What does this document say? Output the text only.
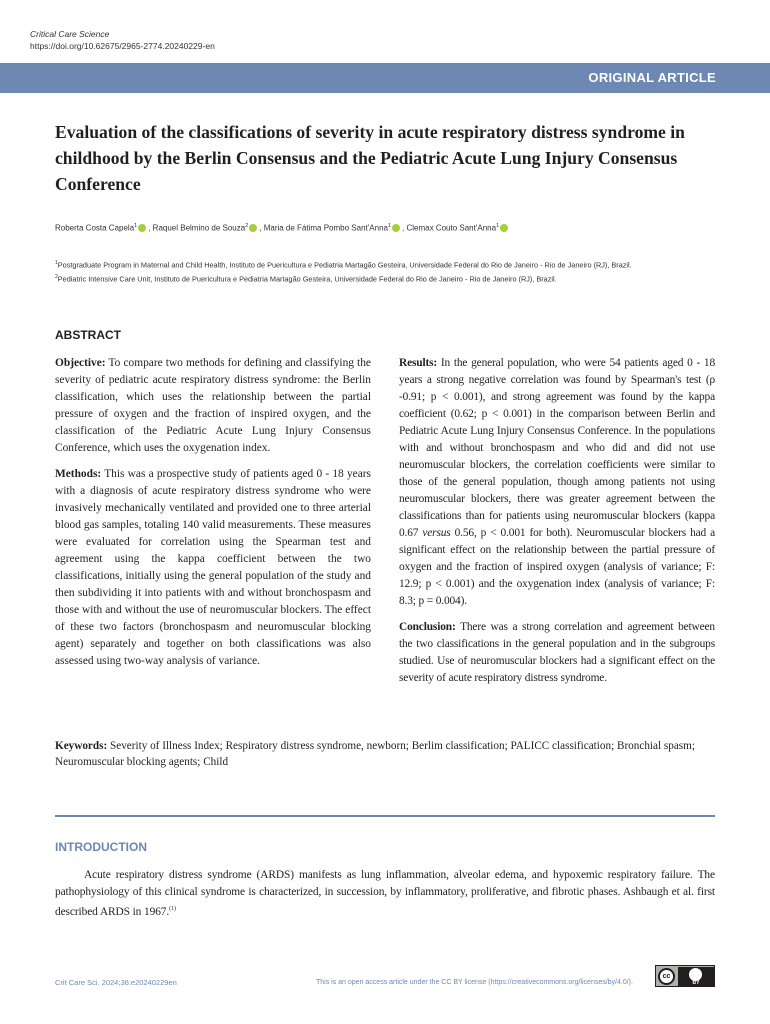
Critical Care Science
https://doi.org/10.62675/2965-2774.20240229-en
ORIGINAL ARTICLE
Evaluation of the classifications of severity in acute respiratory distress syndrome in childhood by the Berlin Consensus and the Pediatric Acute Lung Injury Consensus Conference
Roberta Costa Capela$^1$ , Raquel Belmino de Souza$^2$ , Maria de Fátima Pombo Sant'Anna$^1$ , Clemax Couto Sant'Anna$^1$
$^1$Postgraduate Program in Maternal and Child Health, Instituto de Puericultura e Pediatria Martagão Gesteira, Universidade Federal do Rio de Janeiro - Rio de Janeiro (RJ), Brazil.
$^2$Pediatric Intensive Care Unit, Instituto de Puericultura e Pediatria Martagão Gesteira, Universidade Federal do Rio de Janeiro - Rio de Janeiro (RJ), Brazil.
ABSTRACT

Objective: To compare two methods for defining and classifying the severity of pediatric acute respiratory distress syndrome: the Berlin classification, which uses the relationship between the partial pressure of oxygen and the fraction of inspired oxygen, and the classification of the Pediatric Acute Lung Injury Consensus Conference, which uses the oxygenation index.

Methods: This was a prospective study of patients aged 0 - 18 years with a diagnosis of acute respiratory distress syndrome who were invasively mechanically ventilated and provided one to three arterial blood gas samples, totaling 140 valid measurements. These measures were evaluated for correlation using the Spearman test and agreement using the kappa coefficient between the two classifications, initially using the general population of the study and then subdividing it into patients with and without bronchospasm and those with and without the use of neuromuscular blockers. The effect of these two factors (bronchospasm and neuromuscular blocking agent) separately and together on both classifications was also assessed using two-way analysis of variance.

Results: In the general population, who were 54 patients aged 0 - 18 years a strong negative correlation was found by Spearman's test (ρ -0.91; p < 0.001), and strong agreement was found by the kappa coefficient (0.62; p < 0.001) in the comparison between Berlin and Pediatric Acute Lung Injury Consensus Conference. In the populations with and without bronchospasm and who did and did not use neuromuscular blockers, the correlation coefficients were similar to those of the general population, though among patients not using neuromuscular blockers, there was greater agreement between the classifications than for patients using neuromuscular blockers (kappa 0.67 versus 0.56, p < 0.001 for both). Neuromuscular blockers had a significant effect on the relationship between the partial pressure of oxygen and the fraction of inspired oxygen (analysis of variance; F: 12.9; p < 0.001) and the oxygenation index (analysis of variance; F: 8.3; p = 0.004).

Conclusion: There was a strong correlation and agreement between the two classifications in the general population and in the subgroups studied. Use of neuromuscular blockers had a significant effect on the severity of acute respiratory distress syndrome.

Keywords: Severity of Illness Index; Respiratory distress syndrome, newborn; Berlim classification; PALICC classification; Bronchial spasm; Neuromuscular blocking agents; Child
INTRODUCTION

Acute respiratory distress syndrome (ARDS) manifests as lung inflammation, alveolar edema, and hypoxemic respiratory failure. The pathophysiology of this clinical syndrome is characterized, in succession, by inflammatory, proliferative, and fibrotic phases. Ashbaugh et al. first described ARDS in 1967.$^{(1)}$

Crit Care Sci. 2024;36:e20240229en	This is an open access article under the CC BY license (https://creativecommons.org/licenses/by/4.0/).
cc
BY
